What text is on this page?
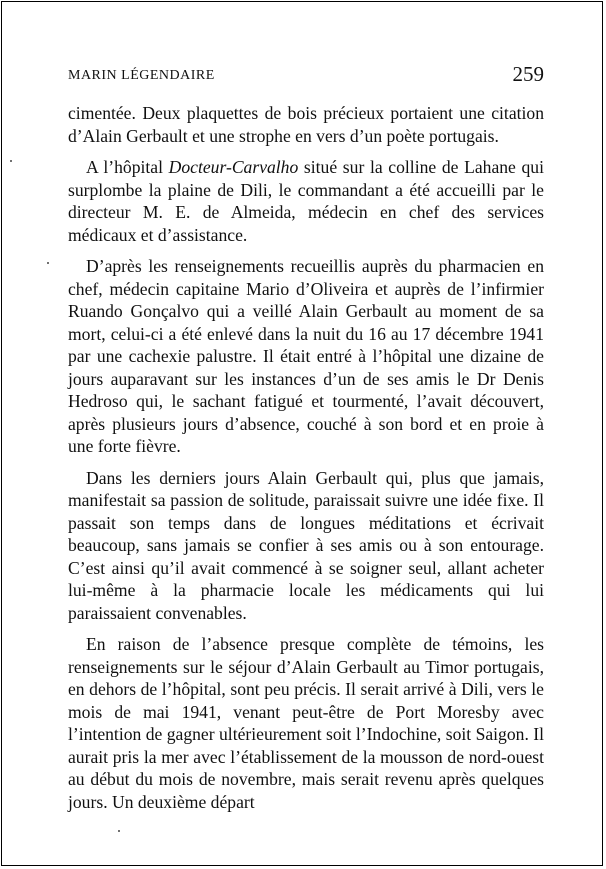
MARIN LÉGENDAIRE	259

cimentée. Deux plaquettes de bois précieux portaient une citation d’Alain Gerbault et une strophe en vers d’un poète portugais.

A l’hôpital Docteur-Carvalho situé sur la colline de Lahane qui surplombe la plaine de Dili, le commandant a été accueilli par le directeur M. E. de Almeida, médecin en chef des services médicaux et d’assistance.

D’après les renseignements recueillis auprès du pharmacien en chef, médecin capitaine Mario d’Oliveira et auprès de l’infirmier Ruando Gonçalvo qui a veillé Alain Gerbault au moment de sa mort, celui-ci a été enlevé dans la nuit du 16 au 17 décembre 1941 par une cachexie palustre. Il était entré à l’hôpital une dizaine de jours auparavant sur les instances d’un de ses amis le Dr Denis Hedroso qui, le sachant fatigué et tourmenté, l’avait découvert, après plusieurs jours d’absence, couché à son bord et en proie à une forte fièvre.

Dans les derniers jours Alain Gerbault qui, plus que jamais, manifestait sa passion de solitude, paraissait suivre une idée fixe. Il passait son temps dans de longues méditations et écrivait beaucoup, sans jamais se confier à ses amis ou à son entourage. C’est ainsi qu’il avait commencé à se soigner seul, allant acheter lui-même à la pharmacie locale les médicaments qui lui paraissaient convenables.

En raison de l’absence presque complète de témoins, les renseignements sur le séjour d’Alain Gerbault au Timor portugais, en dehors de l’hôpital, sont peu précis. Il serait arrivé à Dili, vers le mois de mai 1941, venant peut-être de Port Moresby avec l’intention de gagner ultérieurement soit l’Indochine, soit Saigon. Il aurait pris la mer avec l’établissement de la mousson de nord-ouest au début du mois de novembre, mais serait revenu après quelques jours. Un deuxième départ
